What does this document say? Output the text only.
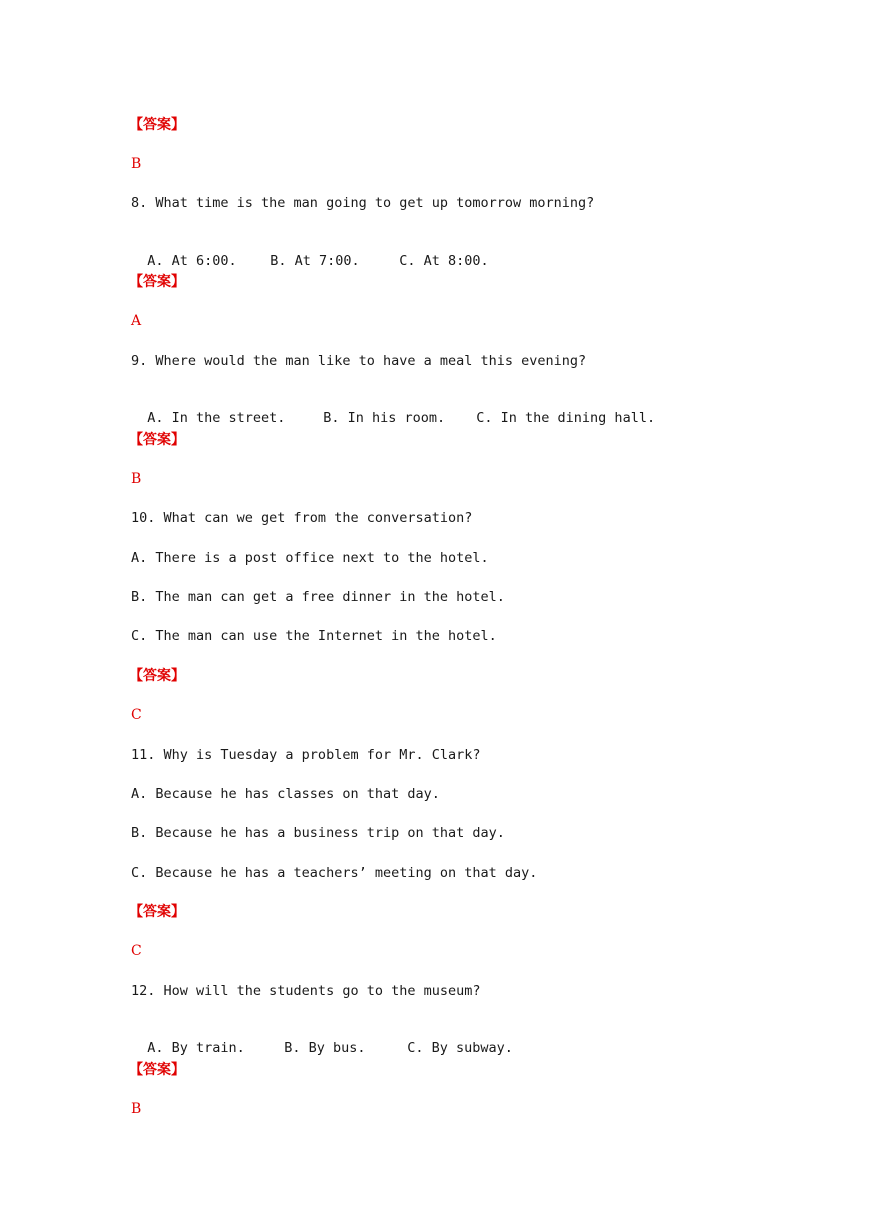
【答案】
B
8. What time is the man going to get up tomorrow morning?

A. At 6:00. B. At 7:00.	C. At 8:00.

【答案】
A
9. Where would the man like to have a meal this evening?

A. In the street.	B. In his room. C. In the dining hall.

【答案】
B
10. What can we get from the conversation?
A. There is a post office next to the hotel.
B. The man can get a free dinner in the hotel.
C. The man can use the Internet in the hotel.
【答案】
C
11. Why is Tuesday a problem for Mr. Clark?
A. Because he has classes on that day.
B. Because he has a business trip on that day.
C. Because he has a teachers’ meeting on that day.
【答案】
C
12. How will the students go to the museum?

A. By train.	B. By bus.	C. By subway.

【答案】
B
